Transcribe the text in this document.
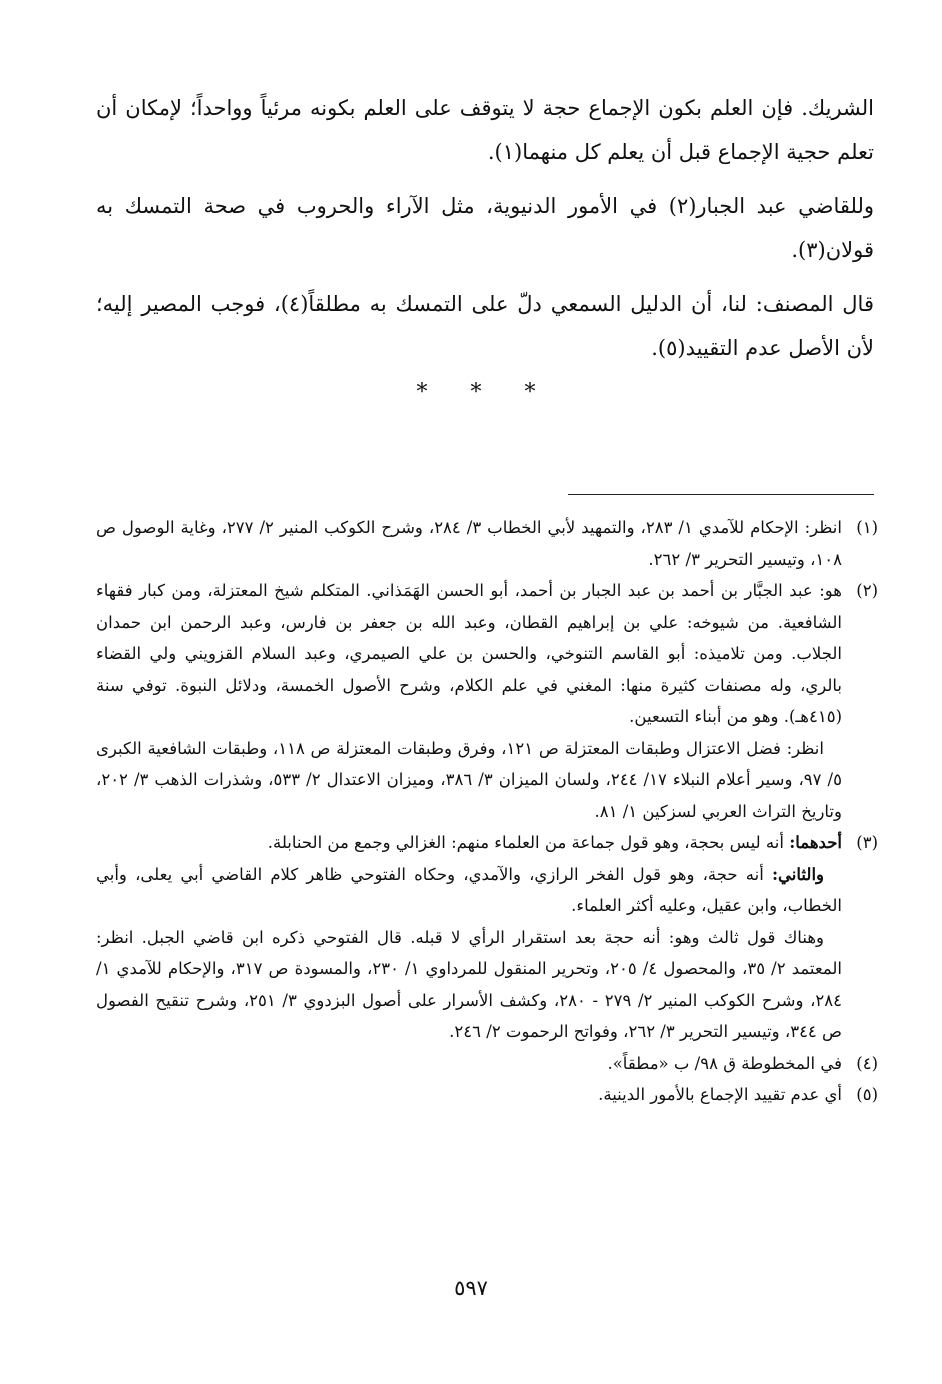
الشريك. فإن العلم بكون الإجماع حجة لا يتوقف على العلم بكونه مرئياً وواحداً؛ لإمكان أن تعلم حجية الإجماع قبل أن يعلم كل منهما(١).

وللقاضي عبد الجبار(٢) في الأمور الدنيوية، مثل الآراء والحروب في صحة التمسك به قولان(٣).

قال المصنف: لنا، أن الدليل السمعي دلّ على التمسك به مطلقاً(٤)، فوجب المصير إليه؛ لأن الأصل عدم التقييد(٥).

* * *
(١)

انظر: الإحكام للآمدي ١/ ٢٨٣، والتمهيد لأبي الخطاب ٣/ ٢٨٤، وشرح الكوكب المنير ٢/ ٢٧٧، وغاية الوصول ص ١٠٨، وتيسير التحرير ٣/ ٢٦٢.

(٢)

هو: عبد الجبَّار بن أحمد بن عبد الجبار بن أحمد، أبو الحسن الهَمَذاني. المتكلم شيخ المعتزلة، ومن كبار فقهاء الشافعية. من شيوخه: علي بن إبراهيم القطان، وعبد الله بن جعفر بن فارس، وعبد الرحمن ابن حمدان الجلاب. ومن تلاميذه: أبو القاسم التنوخي، والحسن بن علي الصيمري، وعبد السلام القزويني ولي القضاء بالري، وله مصنفات كثيرة منها: المغني في علم الكلام، وشرح الأصول الخمسة، ودلائل النبوة. توفي سنة (٤١٥هـ). وهو من أبناء التسعين.

انظر: فضل الاعتزال وطبقات المعتزلة ص ١٢١، وفرق وطبقات المعتزلة ص ١١٨، وطبقات الشافعية الكبرى ٥/ ٩٧، وسير أعلام النبلاء ١٧/ ٢٤٤، ولسان الميزان ٣/ ٣٨٦، وميزان الاعتدال ٢/ ٥٣٣، وشذرات الذهب ٣/ ٢٠٢، وتاريخ التراث العربي لسزكين ١/ ٨١.

(٣)

أحدهما: أنه ليس بحجة، وهو قول جماعة من العلماء منهم: الغزالي وجمع من الحنابلة.

والثاني: أنه حجة، وهو قول الفخر الرازي، والآمدي، وحكاه الفتوحي ظاهر كلام القاضي أبي يعلى، وأبي الخطاب، وابن عقيل، وعليه أكثر العلماء.

وهناك قول ثالث وهو: أنه حجة بعد استقرار الرأي لا قبله. قال الفتوحي ذكره ابن قاضي الجبل. انظر: المعتمد ٢/ ٣٥، والمحصول ٤/ ٢٠٥، وتحرير المنقول للمرداوي ١/ ٢٣٠، والمسودة ص ٣١٧، والإحكام للآمدي ١/ ٢٨٤، وشرح الكوكب المنير ٢/ ٢٧٩ - ٢٨٠، وكشف الأسرار على أصول البزدوي ٣/ ٢٥١، وشرح تنقيح الفصول ص ٣٤٤، وتيسير التحرير ٣/ ٢٦٢، وفواتح الرحموت ٢/ ٢٤٦.

(٤)

في المخطوطة ق ٩٨/ ب «مطقاً».

(٥)

أي عدم تقييد الإجماع بالأمور الدينية.

٥٩٧
